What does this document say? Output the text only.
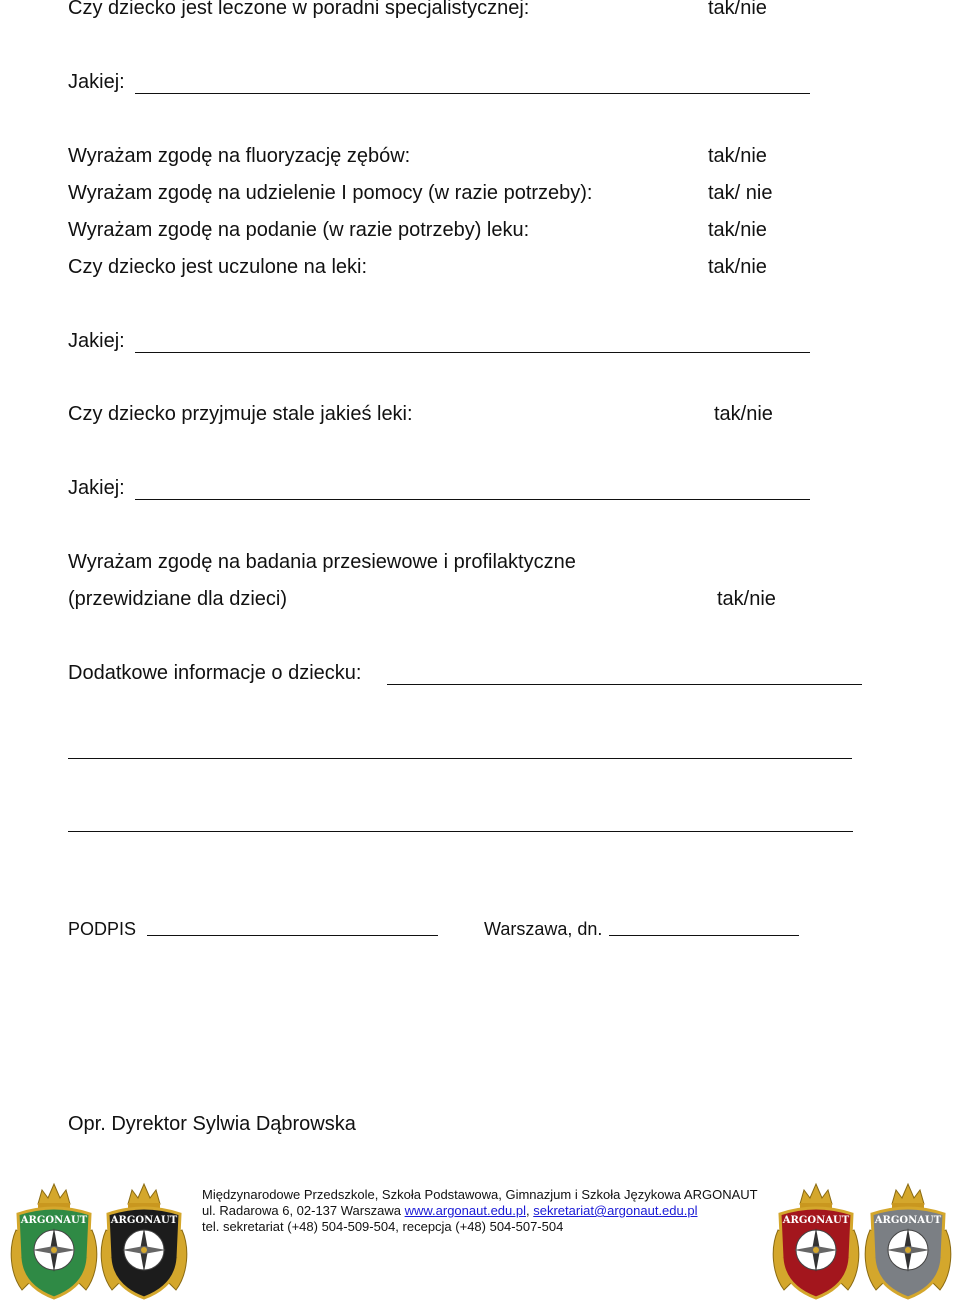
Czy dziecko jest leczone w poradni specjalistycznej:	tak/nie
Jakiej:
Wyrażam zgodę na fluoryzację zębów:	tak/nie
Wyrażam zgodę na udzielenie I pomocy (w razie potrzeby):	tak/ nie
Wyrażam zgodę na podanie (w razie potrzeby) leku:	tak/nie
Czy dziecko jest uczulone na leki:	tak/nie
Jakiej:
Czy dziecko przyjmuje stale jakieś leki:	tak/nie
Jakiej:
Wyrażam zgodę na badania przesiewowe i profilaktyczne
(przewidziane dla dzieci)	tak/nie
Dodatkowe informacje o dziecku:
PODPIS	Warszawa, dn.
Opr. Dyrektor Sylwia Dąbrowska
Międzynarodowe Przedszkole, Szkoła Podstawowa, Gimnazjum i Szkoła Językowa ARGONAUT
ul. Radarowa 6, 02-137 Warszawa www.argonaut.edu.pl, sekretariat@argonaut.edu.pl
tel. sekretariat (+48) 504-509-504, recepcja (+48) 504-507-504
ARGONAUT ARGONAUT	ARGONAUT	ARGONAUT
